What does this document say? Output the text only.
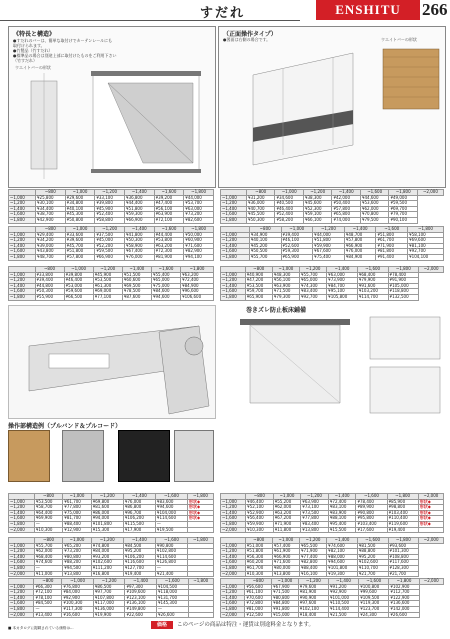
すだれ	ENSHITU	266
《特長と構造》
●すだれのバーは、簡単な取付けでカーテンレールにも
取付けられます。
●竹製品（竹すだれ）
●標準品の場合は別途上部に取付けたものをご利用下さい
（竹すだれ）
ウエイトバーの形状
（正面操作タイプ）
●図面は右側の場合です。	ウエイトバーの形状
	~800	~1,000	~1,200	~1,400	~1,600	~1,800
~1,000	¥25,800	¥29,600	¥33,100	¥36,800	¥39,200	¥44,000
~1,200	¥30,100	¥34,800	¥39,800	¥44,400	¥47,400	¥53,700
~1,400	¥34,400	¥40,100	¥45,900	¥51,800	¥56,100	¥63,000
~1,600	¥38,700	¥45,300	¥52,400	¥59,300	¥63,900	¥73,200
~1,800	¥42,900	¥50,800	¥58,800	¥66,900	¥72,100	¥82,600
	~800	~1,000	~1,200	~1,400	~1,600	~1,800
~1,000	¥29,400	¥33,600	¥37,500	¥41,800	¥44,400	¥50,000
~1,200	¥34,200	¥39,600	¥45,000	¥50,300	¥53,800	¥60,900
~1,400	¥39,000	¥45,700	¥52,200	¥58,900	¥63,200	¥71,600
~1,600	¥43,800	¥51,800	¥59,500	¥67,400	¥72,300	¥82,900
~1,800	¥48,700	¥57,800	¥66,900	¥76,000	¥81,900	¥94,100
	~800	~1,000	~1,200	~1,400	~1,600	~1,800
~1,000	¥33,800	¥39,800	¥45,900	¥51,500	¥55,400	¥63,200
~1,200	¥39,400	¥46,400	¥53,500	¥60,600	¥65,000	¥72,400
~1,400	¥44,800	¥53,000	¥61,300	¥69,500	¥75,000	¥84,900
~1,600	¥50,300	¥59,600	¥69,000	¥78,500	¥84,600	¥96,600
~1,800	¥55,900	¥66,500	¥77,100	¥87,600	¥94,600	¥106,600
	~800	~1,000	~1,200	~1,400	~1,600	~1,800	~2,000
~1,000	¥31,200	¥34,600	¥38,300	¥42,000	¥44,600	¥49,000	
~1,200	¥36,000	¥40,500	¥45,600	¥50,400	¥53,600	¥59,500	
~1,400	¥40,700	¥46,400	¥52,300	¥57,800	¥62,000	¥69,700	
~1,600	¥45,500	¥52,400	¥59,100	¥65,800	¥70,800	¥79,700	
~1,800	¥50,300	¥58,200	¥66,100	¥74,000	¥79,500	¥90,100	
	~800	~1,000	~1,200	~1,400	~1,600	~1,800
~1,000	¥34,900	¥39,400	¥44,000	¥48,700	¥51,800	¥58,100
~1,200	¥40,100	¥46,100	¥51,800	¥57,800	¥61,700	¥69,600
~1,400	¥45,200	¥52,600	¥59,900	¥66,900	¥71,900	¥81,100
~1,600	¥50,500	¥59,300	¥67,600	¥76,000	¥81,800	¥92,700
~1,800	¥55,700	¥65,900	¥75,400	¥84,900	¥91,400	¥104,100
	~800	~1,000	~1,200	~1,400	~1,600	~1,800	~2,000
~1,000	¥40,900	¥48,300	¥55,700	¥63,000	¥68,400	¥78,400	
~1,200	¥47,200	¥56,100	¥65,000	¥73,900	¥79,900	¥91,900	
~1,400	¥53,500	¥63,900	¥74,300	¥84,700	¥91,600	¥105,000	
~1,600	¥59,700	¥71,500	¥83,400	¥95,100	¥103,200	¥118,800	
~1,800	¥65,900	¥79,300	¥92,700	¥105,800	¥114,700	¥132,500	
巻きズレ防止板床鋪備
操作部構造例（プルバンド＆プルコード）
	~800	~1,000	~1,200	~1,400	~1,600	~1,800
~1,000	¥53,500	¥61,700	¥69,800	¥76,000	¥83,600	形状◆
~1,200	¥58,700	¥77,800	¥81,600	¥86,800	¥94,600	形状◆
~1,400	¥64,400	¥75,000	¥86,000	¥96,700	¥104,000	形状◆
~1,600	¥69,900	¥81,700	¥94,000	¥106,200	¥114,600	形状◆
~1,800	—	¥88,400	¥101,800	¥115,500	—	
~2,000	¥10,300	¥12,900	¥15,300	¥17,900	¥19,500	
	~800	~1,000	~1,200	~1,400	~1,600	~1,800
~1,000	¥55,700	¥65,200	¥74,800	¥84,500	¥90,800	
~1,200	¥62,000	¥73,200	¥84,000	¥95,200	¥102,800	
~1,400	¥68,400	¥80,800	¥93,200	¥106,200	¥114,600	
~1,600	¥74,600	¥88,200	¥102,600	¥116,600	¥126,800	
~1,800	—	¥94,500	¥111,200	¥127,700	—	
~2,000	¥11,000	¥13,800	¥16,800	¥19,400	¥21,400	
	~800	~1,000	~1,200	~1,400	~1,600	~1,800
~1,000	¥66,300	¥76,800	¥86,500	¥97,300	¥104,500	
~1,200	¥72,100	¥84,000	¥97,700	¥109,600	¥118,000	
~1,400	¥78,100	¥92,900	¥107,800	¥123,100	¥131,700	
~1,600	¥84,500	¥100,300	¥117,000	¥136,100	¥145,300	
~1,800	—	¥117,300	¥136,000	¥149,800	—	
~2,000	¥13,400	¥16,600	¥19,900	¥22,600	¥26,600	
	~800	~1,000	~1,200	~1,400	~1,600	~1,800	~2,000
~1,000	¥46,400	¥55,200	¥63,900	¥72,400	¥78,400	¥85,900	形状◆
~1,200	¥52,100	¥62,000	¥73,100	¥83,100	¥89,900	¥98,800	形状◆
~1,400	¥52,900	¥63,200	¥73,500	¥83,900	¥90,800	¥103,400	形状◆
~1,600	¥56,400	¥67,200	¥77,800	¥88,100	¥95,800	¥110,400	形状◆
~1,800	¥59,900	¥71,900	¥83,400	¥95,400	¥103,400	¥119,600	形状◆
~2,000	¥10,300	¥11,800	¥13,800	¥15,500	¥17,600	¥19,400	
	~800	~1,000	~1,200	~1,400	~1,600	~1,800	~2,000
~1,000	¥51,000	¥57,400	¥65,500	¥74,600	¥81,500	¥93,600	
~1,200	¥51,800	¥61,900	¥71,900	¥82,100	¥88,800	¥101,300	
~1,400	¥56,300	¥66,900	¥77,400	¥88,000	¥95,200	¥108,800	
~1,600	¥60,200	¥71,600	¥82,800	¥94,600	¥102,600	¥117,600	
~1,800	¥61,700	¥80,000	¥88,400	¥101,800	¥110,700	¥128,300	
~2,000	¥10,300	¥13,800	¥16,100	¥19,300	¥21,700	¥21,700	
	~800	~1,000	~1,200	~1,400	~1,600	~1,800	~2,000
~1,000	¥56,600	¥67,900	¥79,600	¥91,200	¥100,800	¥102,900	
~1,200	¥61,100	¥71,500	¥81,900	¥92,900	¥99,600	¥112,700	
~1,400	¥70,600	¥80,800	¥90,900	¥101,000	¥109,500	¥122,900	
~1,600	¥72,800	¥84,800	¥97,600	¥110,500	¥119,300	¥136,600	
~1,800	¥81,000	¥91,800	¥102,100	¥114,400	¥123,700	¥142,000	
~2,000	¥12,500	¥15,000	¥18,400	¥21,500	¥24,300	¥26,600	
■ 本カタログに掲載されている価格は…	価格	このページの商品は特注・運賃は別途料金となります。
